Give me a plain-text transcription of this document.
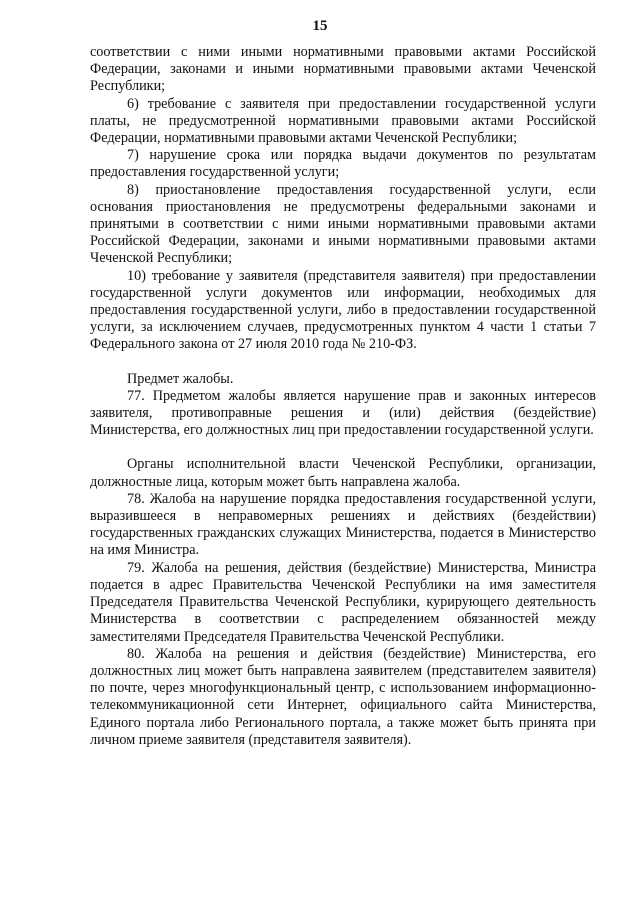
15

соответствии с ними иными нормативными правовыми актами Российской Федерации, законами и иными нормативными правовыми актами Чеченской Республики;

6) требование с заявителя при предоставлении государственной услуги платы, не предусмотренной нормативными правовыми актами Российской Федерации, нормативными правовыми актами Чеченской Республики;

7) нарушение срока или порядка выдачи документов по результатам предоставления государственной услуги;

8) приостановление предоставления государственной услуги, если основания приостановления не предусмотрены федеральными законами и принятыми в соответствии с ними иными нормативными правовыми актами Российской Федерации, законами и иными нормативными правовыми актами Чеченской Республики;

10) требование у заявителя (представителя заявителя) при предоставлении государственной услуги документов или информации, необходимых для предоставления государственной услуги, либо в предоставлении государственной услуги, за исключением случаев, предусмотренных пунктом 4 части 1 статьи 7 Федерального закона от 27 июля 2010 года № 210-ФЗ.

Предмет жалобы.

77. Предметом жалобы является нарушение прав и законных интересов заявителя, противоправные решения и (или) действия (бездействие) Министерства, его должностных лиц при предоставлении государственной услуги.

Органы исполнительной власти Чеченской Республики, организации, должностные лица, которым может быть направлена жалоба.

78. Жалоба на нарушение порядка предоставления государственной услуги, выразившееся в неправомерных решениях и действиях (бездействии) государственных гражданских служащих Министерства, подается в Министерство на имя Министра.

79. Жалоба на решения, действия (бездействие) Министерства, Министра подается в адрес Правительства Чеченской Республики на имя заместителя Председателя Правительства Чеченской Республики, курирующего деятельность Министерства в соответствии с распределением обязанностей между заместителями Председателя Правительства Чеченской Республики.

80. Жалоба на решения и действия (бездействие) Министерства, его должностных лиц может быть направлена заявителем (представителем заявителя) по почте, через многофункциональный центр, с использованием информационно-телекоммуникационной сети Интернет, официального сайта Министерства, Единого портала либо Регионального портала, а также может быть принята при личном приеме заявителя (представителя заявителя).
